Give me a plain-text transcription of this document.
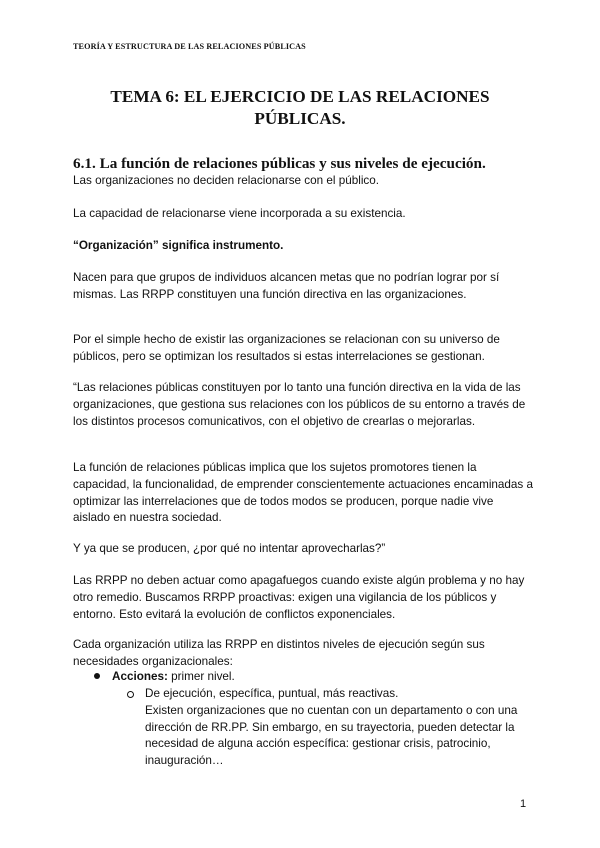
TEORÍA Y ESTRUCTURA DE LAS RELACIONES PÚBLICAS
TEMA 6: EL EJERCICIO DE LAS RELACIONES
PÚBLICAS.
6.1. La función de relaciones públicas y sus niveles de ejecución.

Las organizaciones no deciden relacionarse con el público.

La capacidad de relacionarse viene incorporada a su existencia.

“Organización” significa instrumento.

Nacen para que grupos de individuos alcancen metas que no podrían lograr por sí mismas. Las RRPP constituyen una función directiva en las organizaciones.

Por el simple hecho de existir las organizaciones se relacionan con su universo de públicos, pero se optimizan los resultados si estas interrelaciones se gestionan.

“Las relaciones públicas constituyen por lo tanto una función directiva en la vida de las organizaciones, que gestiona sus relaciones con los públicos de su entorno a través de los distintos procesos comunicativos, con el objetivo de crearlas o mejorarlas.

La función de relaciones públicas implica que los sujetos promotores tienen la capacidad, la funcionalidad, de emprender conscientemente actuaciones encaminadas a optimizar las interrelaciones que de todos modos se producen, porque nadie vive aislado en nuestra sociedad.

Y ya que se producen, ¿por qué no intentar aprovecharlas?”

Las RRPP no deben actuar como apagafuegos cuando existe algún problema y no hay otro remedio. Buscamos RRPP proactivas: exigen una vigilancia de los públicos y entorno. Esto evitará la evolución de conflictos exponenciales.

Cada organización utiliza las RRPP en distintos niveles de ejecución según sus necesidades organizacionales:

Acciones: primer nivel.
De ejecución, específica, puntual, más reactivas.
Existen organizaciones que no cuentan con un departamento o con una dirección de RR.PP. Sin embargo, en su trayectoria, pueden detectar la necesidad de alguna acción específica: gestionar crisis, patrocinio, inauguración…
1
